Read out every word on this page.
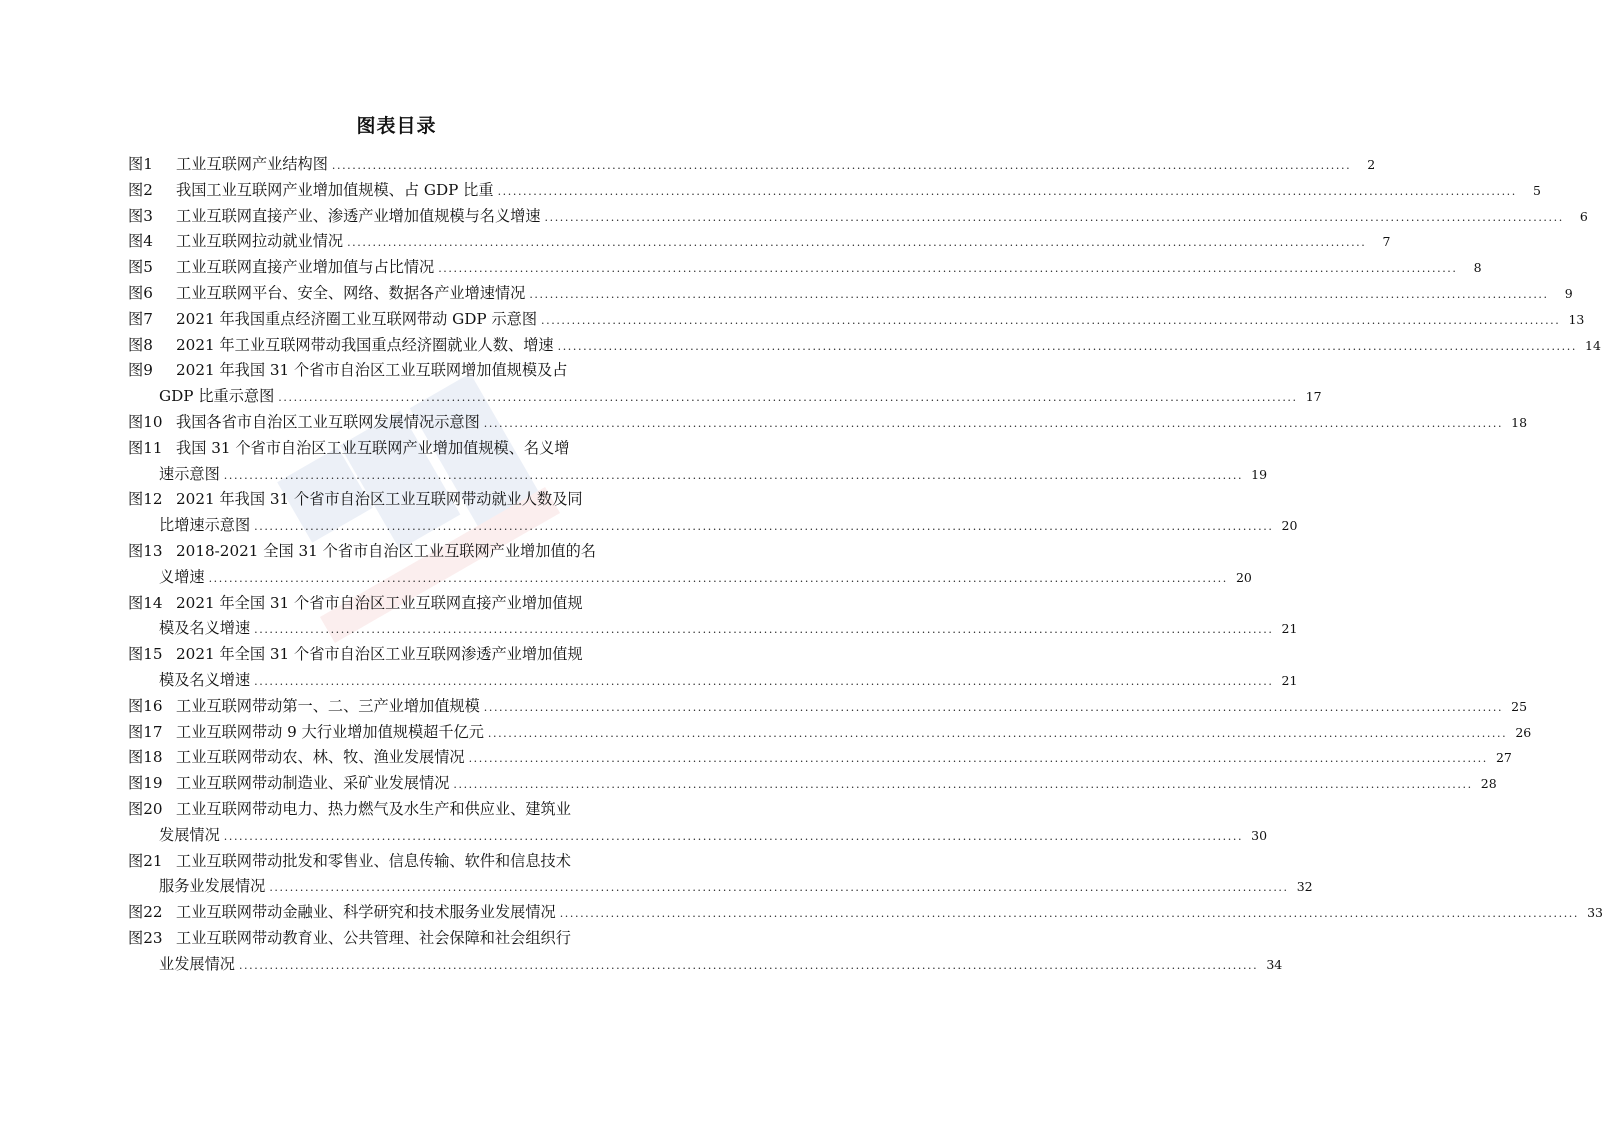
图表目录
图1	工业互联网产业结构图 ........................................................................................................................................................................................................	2
图2	我国工业互联网产业增加值规模、占 GDP 比重 ........................................................................................................................................................................................................	5
图3	工业互联网直接产业、渗透产业增加值规模与名义增速 ........................................................................................................................................................................................................	6
图4	工业互联网拉动就业情况 ........................................................................................................................................................................................................	7
图5	工业互联网直接产业增加值与占比情况 ........................................................................................................................................................................................................	8
图6	工业互联网平台、安全、网络、数据各产业增速情况 ........................................................................................................................................................................................................	9
图7	2021 年我国重点经济圈工业互联网带动 GDP 示意图 ........................................................................................................................................................................................................ 13
图8	2021 年工业互联网带动我国重点经济圈就业人数、增速 ........................................................................................................................................................................................................ 14
图9	2021 年我国 31 个省市自治区工业互联网增加值规模及占
GDP 比重示意图 ........................................................................................................................................................................................................ 17
图10 我国各省市自治区工业互联网发展情况示意图 ........................................................................................................................................................................................................ 18
图11 我国 31 个省市自治区工业互联网产业增加值规模、名义增
速示意图 ........................................................................................................................................................................................................ 19
图12 2021 年我国 31 个省市自治区工业互联网带动就业人数及同
比增速示意图 ........................................................................................................................................................................................................ 20
图13 2018-2021 全国 31 个省市自治区工业互联网产业增加值的名
义增速 ........................................................................................................................................................................................................ 20
图14 2021 年全国 31 个省市自治区工业互联网直接产业增加值规
模及名义增速 ........................................................................................................................................................................................................ 21
图15 2021 年全国 31 个省市自治区工业互联网渗透产业增加值规
模及名义增速 ........................................................................................................................................................................................................ 21
图16 工业互联网带动第一、二、三产业增加值规模 ........................................................................................................................................................................................................ 25
图17 工业互联网带动 9 大行业增加值规模超千亿元 ........................................................................................................................................................................................................ 26
图18 工业互联网带动农、林、牧、渔业发展情况 ........................................................................................................................................................................................................ 27
图19 工业互联网带动制造业、采矿业发展情况 ........................................................................................................................................................................................................ 28
图20 工业互联网带动电力、热力燃气及水生产和供应业、建筑业
发展情况 ........................................................................................................................................................................................................ 30
图21 工业互联网带动批发和零售业、信息传输、软件和信息技术
服务业发展情况 ........................................................................................................................................................................................................ 32
图22 工业互联网带动金融业、科学研究和技术服务业发展情况 ........................................................................................................................................................................................................ 33
图23 工业互联网带动教育业、公共管理、社会保障和社会组织行
业发展情况 ........................................................................................................................................................................................................ 34
